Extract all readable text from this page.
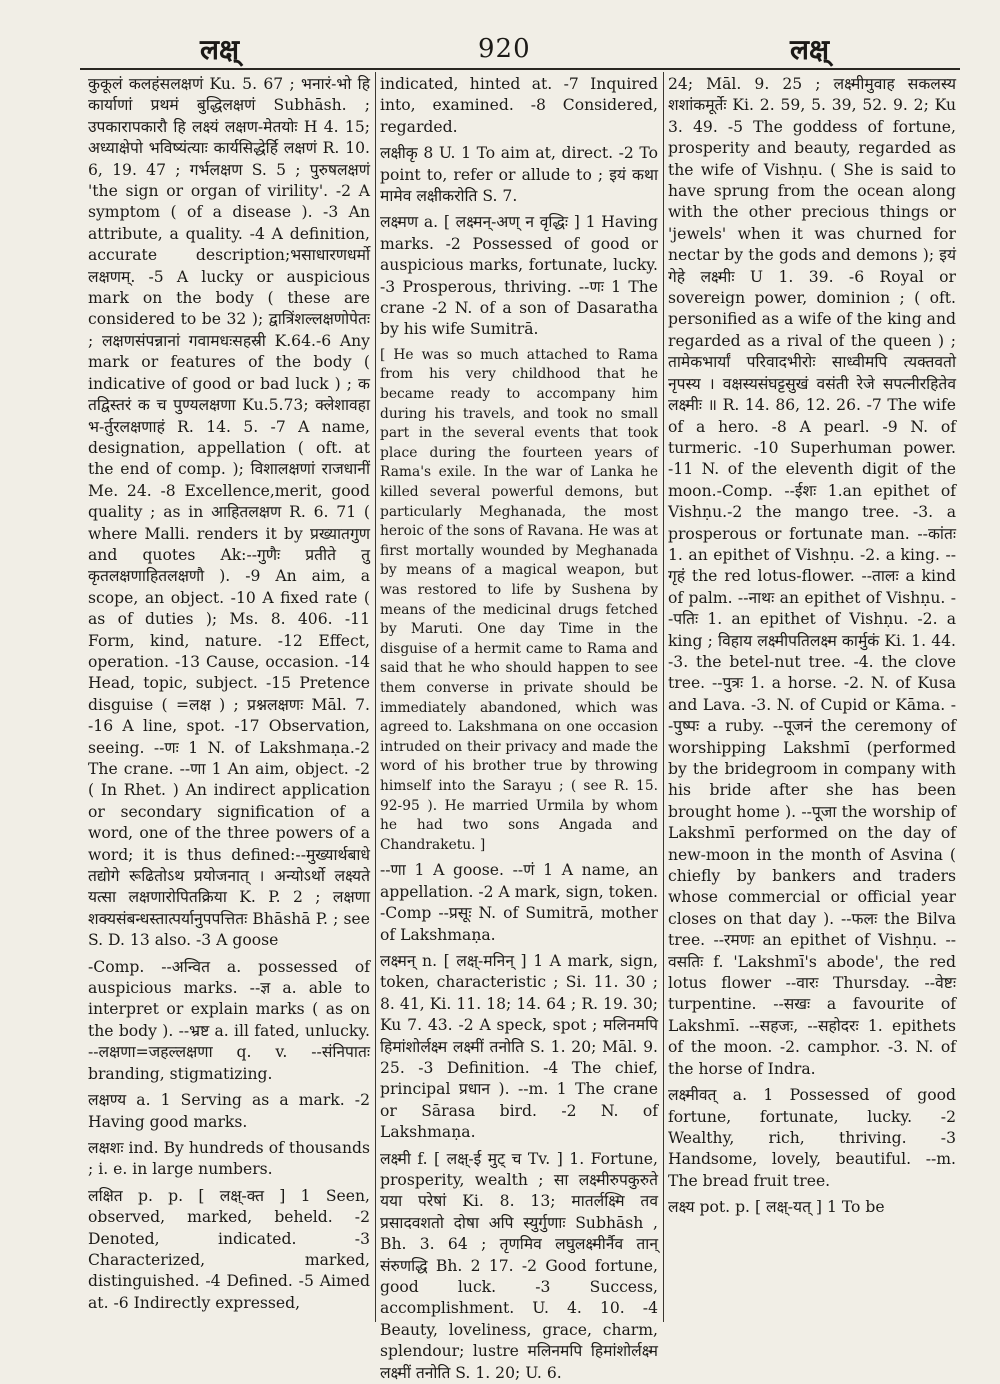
लक्ष्	920	लक्ष्

कुकूलं कलहंसलक्षणं Ku. 5. 67 ; भनारं-भो हि कार्याणां प्रथमं बुद्धिलक्षणं Subhāsh. ; उपकारापकारौ हि लक्ष्यं लक्षण-मेतयोः H 4. 15; अध्याक्षेपो भविष्यंत्याः कार्यसिद्धेर्हि लक्षणं R. 10. 6, 19. 47 ; गर्भलक्षण S. 5 ; पुरुषलक्षणं 'the sign or organ of virility'. -2 A symptom ( of a disease ). -3 An attribute, a quality. -4 A definition, accurate description;भसाधारणधर्मो लक्षणम्. -5 A lucky or auspicious mark on the body ( these are considered to be 32 ); द्वात्रिंशल्लक्षणोपेतः ; लक्षणसंपन्नानां गवामधःसहस्री K.64.-6 Any mark or features of the body ( indicative of good or bad luck ) ; क तद्विस्तरं क च पुण्यलक्षणा Ku.5.73; क्लेशावहा भ-र्तुरलक्षणाहं R. 14. 5. -7 A name, designation, appellation ( oft. at the end of comp. ); विशालक्षणां राजधानीं Me. 24. -8 Excellence,merit, good quality ; as in आहितलक्षण R. 6. 71 ( where Malli. renders it by प्रख्यातगुण and quotes Ak:--गुणैः प्रतीते तु कृतलक्षणाहितलक्षणौ ). -9 An aim, a scope, an object. -10 A fixed rate ( as of duties ); Ms. 8. 406. -11 Form, kind, nature. -12 Effect, operation. -13 Cause, occasion. -14 Head, topic, subject. -15 Pretence disguise ( =लक्ष ) ; प्रश्नलक्षणः Māl. 7. -16 A line, spot. -17 Observation, seeing. --णः 1 N. of Lakshmaṇa.-2 The crane. --णा 1 An aim, object. -2 ( In Rhet. ) An indirect application or secondary signification of a word, one of the three powers of a word; it is thus defined:--मुख्यार्थबाधे तद्योगे रूढितोऽथ प्रयोजनात् । अन्योऽर्थो लक्ष्यते यत्सा लक्षणारोपितक्रिया K. P. 2 ; लक्षणा शक्यसंबन्धस्तात्पर्यानुपपत्तितः Bhāshā P. ; see S. D. 13 also. -3 A goose

-Comp. --अन्वित a. possessed of auspicious marks. --ज्ञ a. able to interpret or explain marks ( as on the body ). --भ्रष्ट a. ill fated, unlucky. --लक्षणा=जहल्लक्षणा q. v. --संनिपातः branding, stigmatizing.

लक्षण्य a. 1 Serving as a mark. -2 Having good marks.

लक्षशः ind. By hundreds of thousands ; i. e. in large numbers.

लक्षित p. p. [ लक्ष्-क्त ] 1 Seen, observed, marked, beheld. -2 Denoted, indicated. -3 Characterized, marked, distinguished. -4 Defined. -5 Aimed at. -6 Indirectly expressed,

indicated, hinted at. -7 Inquired into, examined. -8 Considered, regarded.

लक्षीकृ 8 U. 1 To aim at, direct. -2 To point to, refer or allude to ; इयं कथा मामेव लक्षीकरोति S. 7.

लक्ष्मण a. [ लक्ष्मन्-अण् न वृद्धिः ] 1 Having marks. -2 Possessed of good or auspicious marks, fortunate, lucky. -3 Prosperous, thriving. --णः 1 The crane -2 N. of a son of Dasaratha by his wife Sumitrā.

[ He was so much attached to Rama from his very childhood that he became ready to accompany him during his travels, and took no small part in the several events that took place during the fourteen years of Rama's exile. In the war of Lanka he killed several powerful demons, but particularly Meghanada, the most heroic of the sons of Ravana. He was at first mortally wounded by Meghanada by means of a magical weapon, but was restored to life by Sushena by means of the medicinal drugs fetched by Maruti. One day Time in the disguise of a hermit came to Rama and said that he who should happen to see them converse in private should be immediately abandoned, which was agreed to. Lakshmana on one occasion intruded on their privacy and made the word of his brother true by throwing himself into the Sarayu ; ( see R. 15. 92-95 ). He married Urmila by whom he had two sons Angada and Chandraketu. ]

--णा 1 A goose. --णं 1 A name, an appellation. -2 A mark, sign, token. -Comp --प्रसूः N. of Sumitrā, mother of Lakshmaṇa.

लक्ष्मन् n. [ लक्ष्-मनिन् ] 1 A mark, sign, token, characteristic ; Si. 11. 30 ; 8. 41, Ki. 11. 18; 14. 64 ; R. 19. 30; Ku 7. 43. -2 A speck, spot ; मलिनमपि हिमांशोर्लक्ष्म लक्ष्मीं तनोति S. 1. 20; Māl. 9. 25. -3 Definition. -4 The chief, principal प्रधान ). --m. 1 The crane or Sārasa bird. -2 N. of Lakshmaṇa.

लक्ष्मी f. [ लक्ष्-ई मुट् च Tv. ] 1. Fortune, prosperity, wealth ; सा लक्ष्मीरुपकुरुते यया परेषां Ki. 8. 13; मातर्लक्ष्मि तव प्रसादवशतो दोषा अपि स्युर्गुणाः Subhāsh , Bh. 3. 64 ; तृणमिव लघुलक्ष्मीर्नैव तान् संरुणद्धि Bh. 2 17. -2 Good fortune, good luck. -3 Success, accomplishment. U. 4. 10. -4 Beauty, loveliness, grace, charm, splendour; lustre मलिनमपि हिमांशोर्लक्ष्म लक्ष्मीं तनोति S. 1. 20; U. 6.

24; Māl. 9. 25 ; लक्ष्मीमुवाह सकलस्य शशांकमूर्तेः Ki. 2. 59, 5. 39, 52. 9. 2; Ku 3. 49. -5 The goddess of fortune, prosperity and beauty, regarded as the wife of Vishṇu. ( She is said to have sprung from the ocean along with the other precious things or 'jewels' when it was churned for nectar by the gods and demons ); इयं गेहे लक्ष्मीः U 1. 39. -6 Royal or sovereign power, dominion ; ( oft. personified as a wife of the king and regarded as a rival of the queen ) ; तामेकभार्यां परिवादभीरोः साध्वीमपि त्यक्तवतो नृपस्य । वक्षस्यसंघट्टसुखं वसंती रेजे सपत्नीरहितेव लक्ष्मीः ॥ R. 14. 86, 12. 26. -7 The wife of a hero. -8 A pearl. -9 N. of turmeric. -10 Superhuman power. -11 N. of the eleventh digit of the moon.-Comp. --ईशः 1.an epithet of Vishṇu.-2 the mango tree. -3. a prosperous or fortunate man. --कांतः 1. an epithet of Vishṇu. -2. a king. --गृहं the red lotus-flower. --तालः a kind of palm. --नाथः an epithet of Vishṇu. --पतिः 1. an epithet of Vishṇu. -2. a king ; विहाय लक्ष्मीपतिलक्ष्म कार्मुकं Ki. 1. 44. -3. the betel-nut tree. -4. the clove tree. --पुत्रः 1. a horse. -2. N. of Kusa and Lava. -3. N. of Cupid or Kāma. --पुष्पः a ruby. --पूजनं the ceremony of worshipping Lakshmī (performed by the bridegroom in company with his bride after she has been brought home ). --पूजा the worship of Lakshmī performed on the day of new-moon in the month of Asvina ( chiefly by bankers and traders whose commercial or official year closes on that day ). --फलः the Bilva tree. --रमणः an epithet of Vishṇu. --वसतिः f. 'Lakshmī's abode', the red lotus flower --वारः Thursday. --वेष्टः turpentine. --सखः a favourite of Lakshmī. --सहजः, --सहोदरः 1. epithets of the moon. -2. camphor. -3. N. of the horse of Indra.

लक्ष्मीवत् a. 1 Possessed of good fortune, fortunate, lucky. -2 Wealthy, rich, thriving. -3 Handsome, lovely, beautiful. --m. The bread fruit tree.

लक्ष्य pot. p. [ लक्ष्-यत् ] 1 To be
